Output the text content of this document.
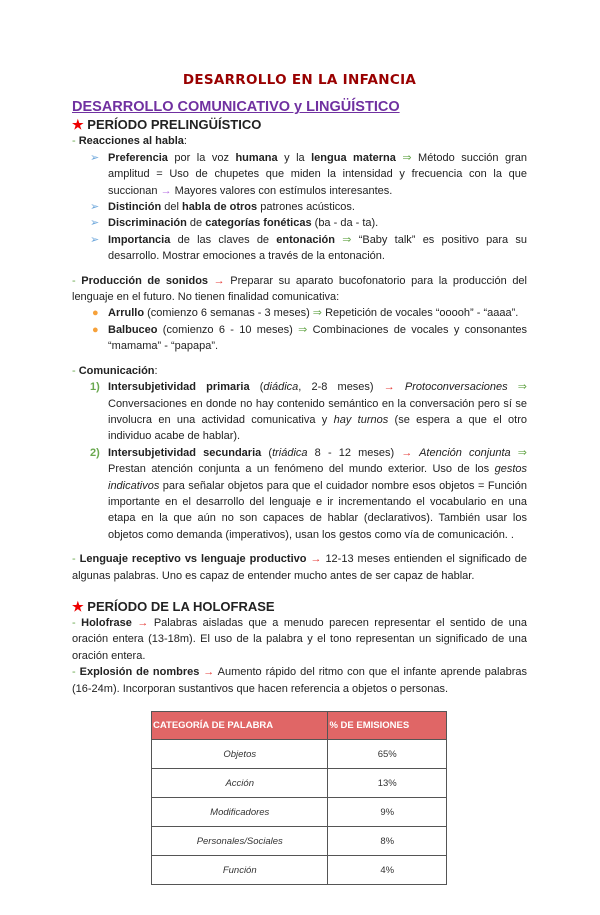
DESARROLLO EN LA INFANCIA
DESARROLLO COMUNICATIVO y LINGÜÍSTICO
★ PERÍODO PRELINGÜÍSTICO
- Reacciones al habla:
➢ Preferencia por la voz humana y la lengua materna ⇒ Método succión gran amplitud = Uso de chupetes que miden la intensidad y frecuencia con la que succionan → Mayores valores con estímulos interesantes.
➢ Distinción del habla de otros patrones acústicos.
➢ Discriminación de categorías fonéticas (ba - da - ta).
➢ Importancia de las claves de entonación ⇒ “Baby talk” es positivo para su desarrollo. Mostrar emociones a través de la entonación.
- Producción de sonidos → Preparar su aparato bucofonatorio para la producción del lenguaje en el futuro. No tienen finalidad comunicativa:
● Arrullo (comienzo 6 semanas - 3 meses) ⇒ Repetición de vocales “ooooh” - “aaaa”.
● Balbuceo (comienzo 6 - 10 meses) ⇒ Combinaciones de vocales y consonantes “mamama” - “papapa”.
- Comunicación:
1) Intersubjetividad primaria (diádica, 2-8 meses) → Protoconversaciones ⇒ Conversaciones en donde no hay contenido semántico en la conversación pero sí se involucra en una actividad comunicativa y hay turnos (se espera a que el otro individuo acabe de hablar).
2) Intersubjetividad secundaria (triádica 8 - 12 meses) → Atención conjunta ⇒ Prestan atención conjunta a un fenómeno del mundo exterior. Uso de los gestos indicativos para señalar objetos para que el cuidador nombre esos objetos = Función importante en el desarrollo del lenguaje e ir incrementando el vocabulario en una etapa en la que aún no son capaces de hablar (declarativos). También usar los objetos como demanda (imperativos), usan los gestos como vía de comunicación. .
- Lenguaje receptivo vs lenguaje productivo → 12-13 meses entienden el significado de algunas palabras. Uno es capaz de entender mucho antes de ser capaz de hablar.
★ PERÍODO DE LA HOLOFRASE
- Holofrase → Palabras aisladas que a menudo parecen representar el sentido de una oración entera (13-18m). El uso de la palabra y el tono representan un significado de una oración entera.
- Explosión de nombres → Aumento rápido del ritmo con que el infante aprende palabras (16-24m). Incorporan sustantivos que hacen referencia a objetos o personas.
CATEGORÍA DE PALABRA	% DE EMISIONES
Objetos	65%
Acción	13%
Modificadores	9%
Personales/Sociales	8%
Función	4%
